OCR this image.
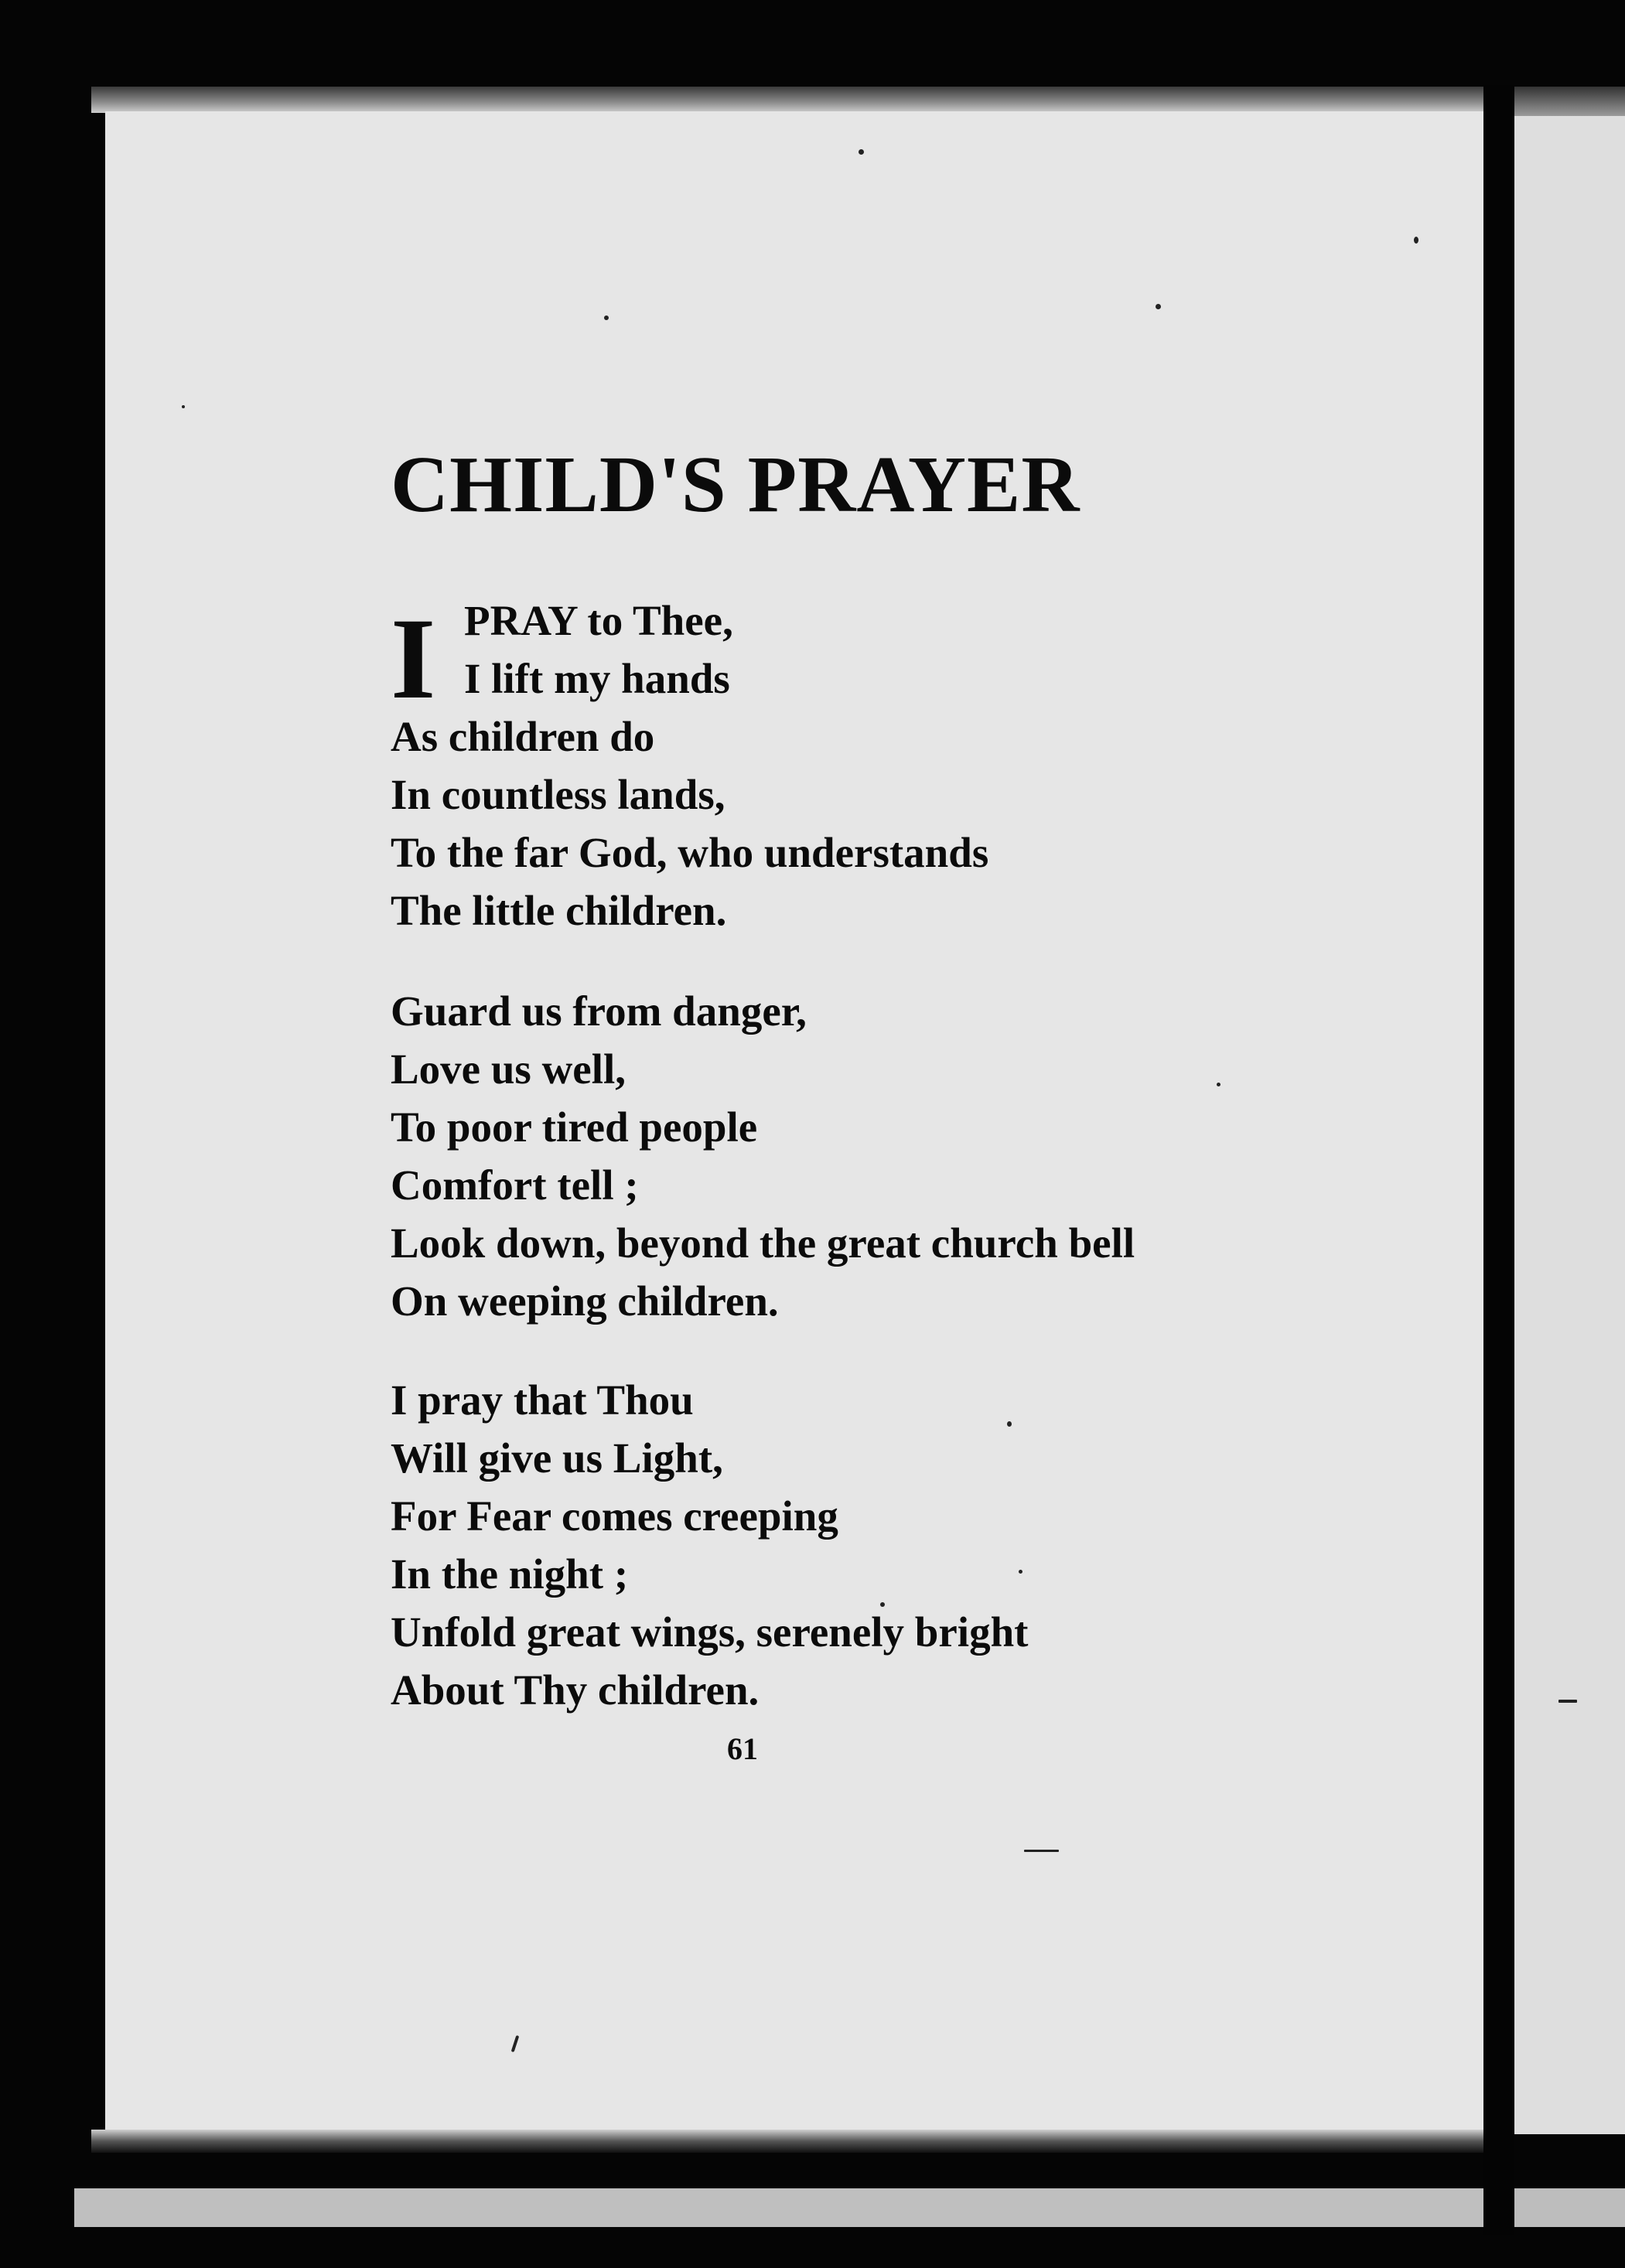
CHILD'S PRAYER
I PRAY to Thee,
I lift my hands
As children do
In countless lands,
To the far God, who understands
The little children.
Guard us from danger,
Love us well,
To poor tired people
Comfort tell ;
Look down, beyond the great church bell
On weeping children.
I pray that Thou
Will give us Light,
For Fear comes creeping
In the night ;
Unfold great wings, serenely bright
About Thy children.
61
